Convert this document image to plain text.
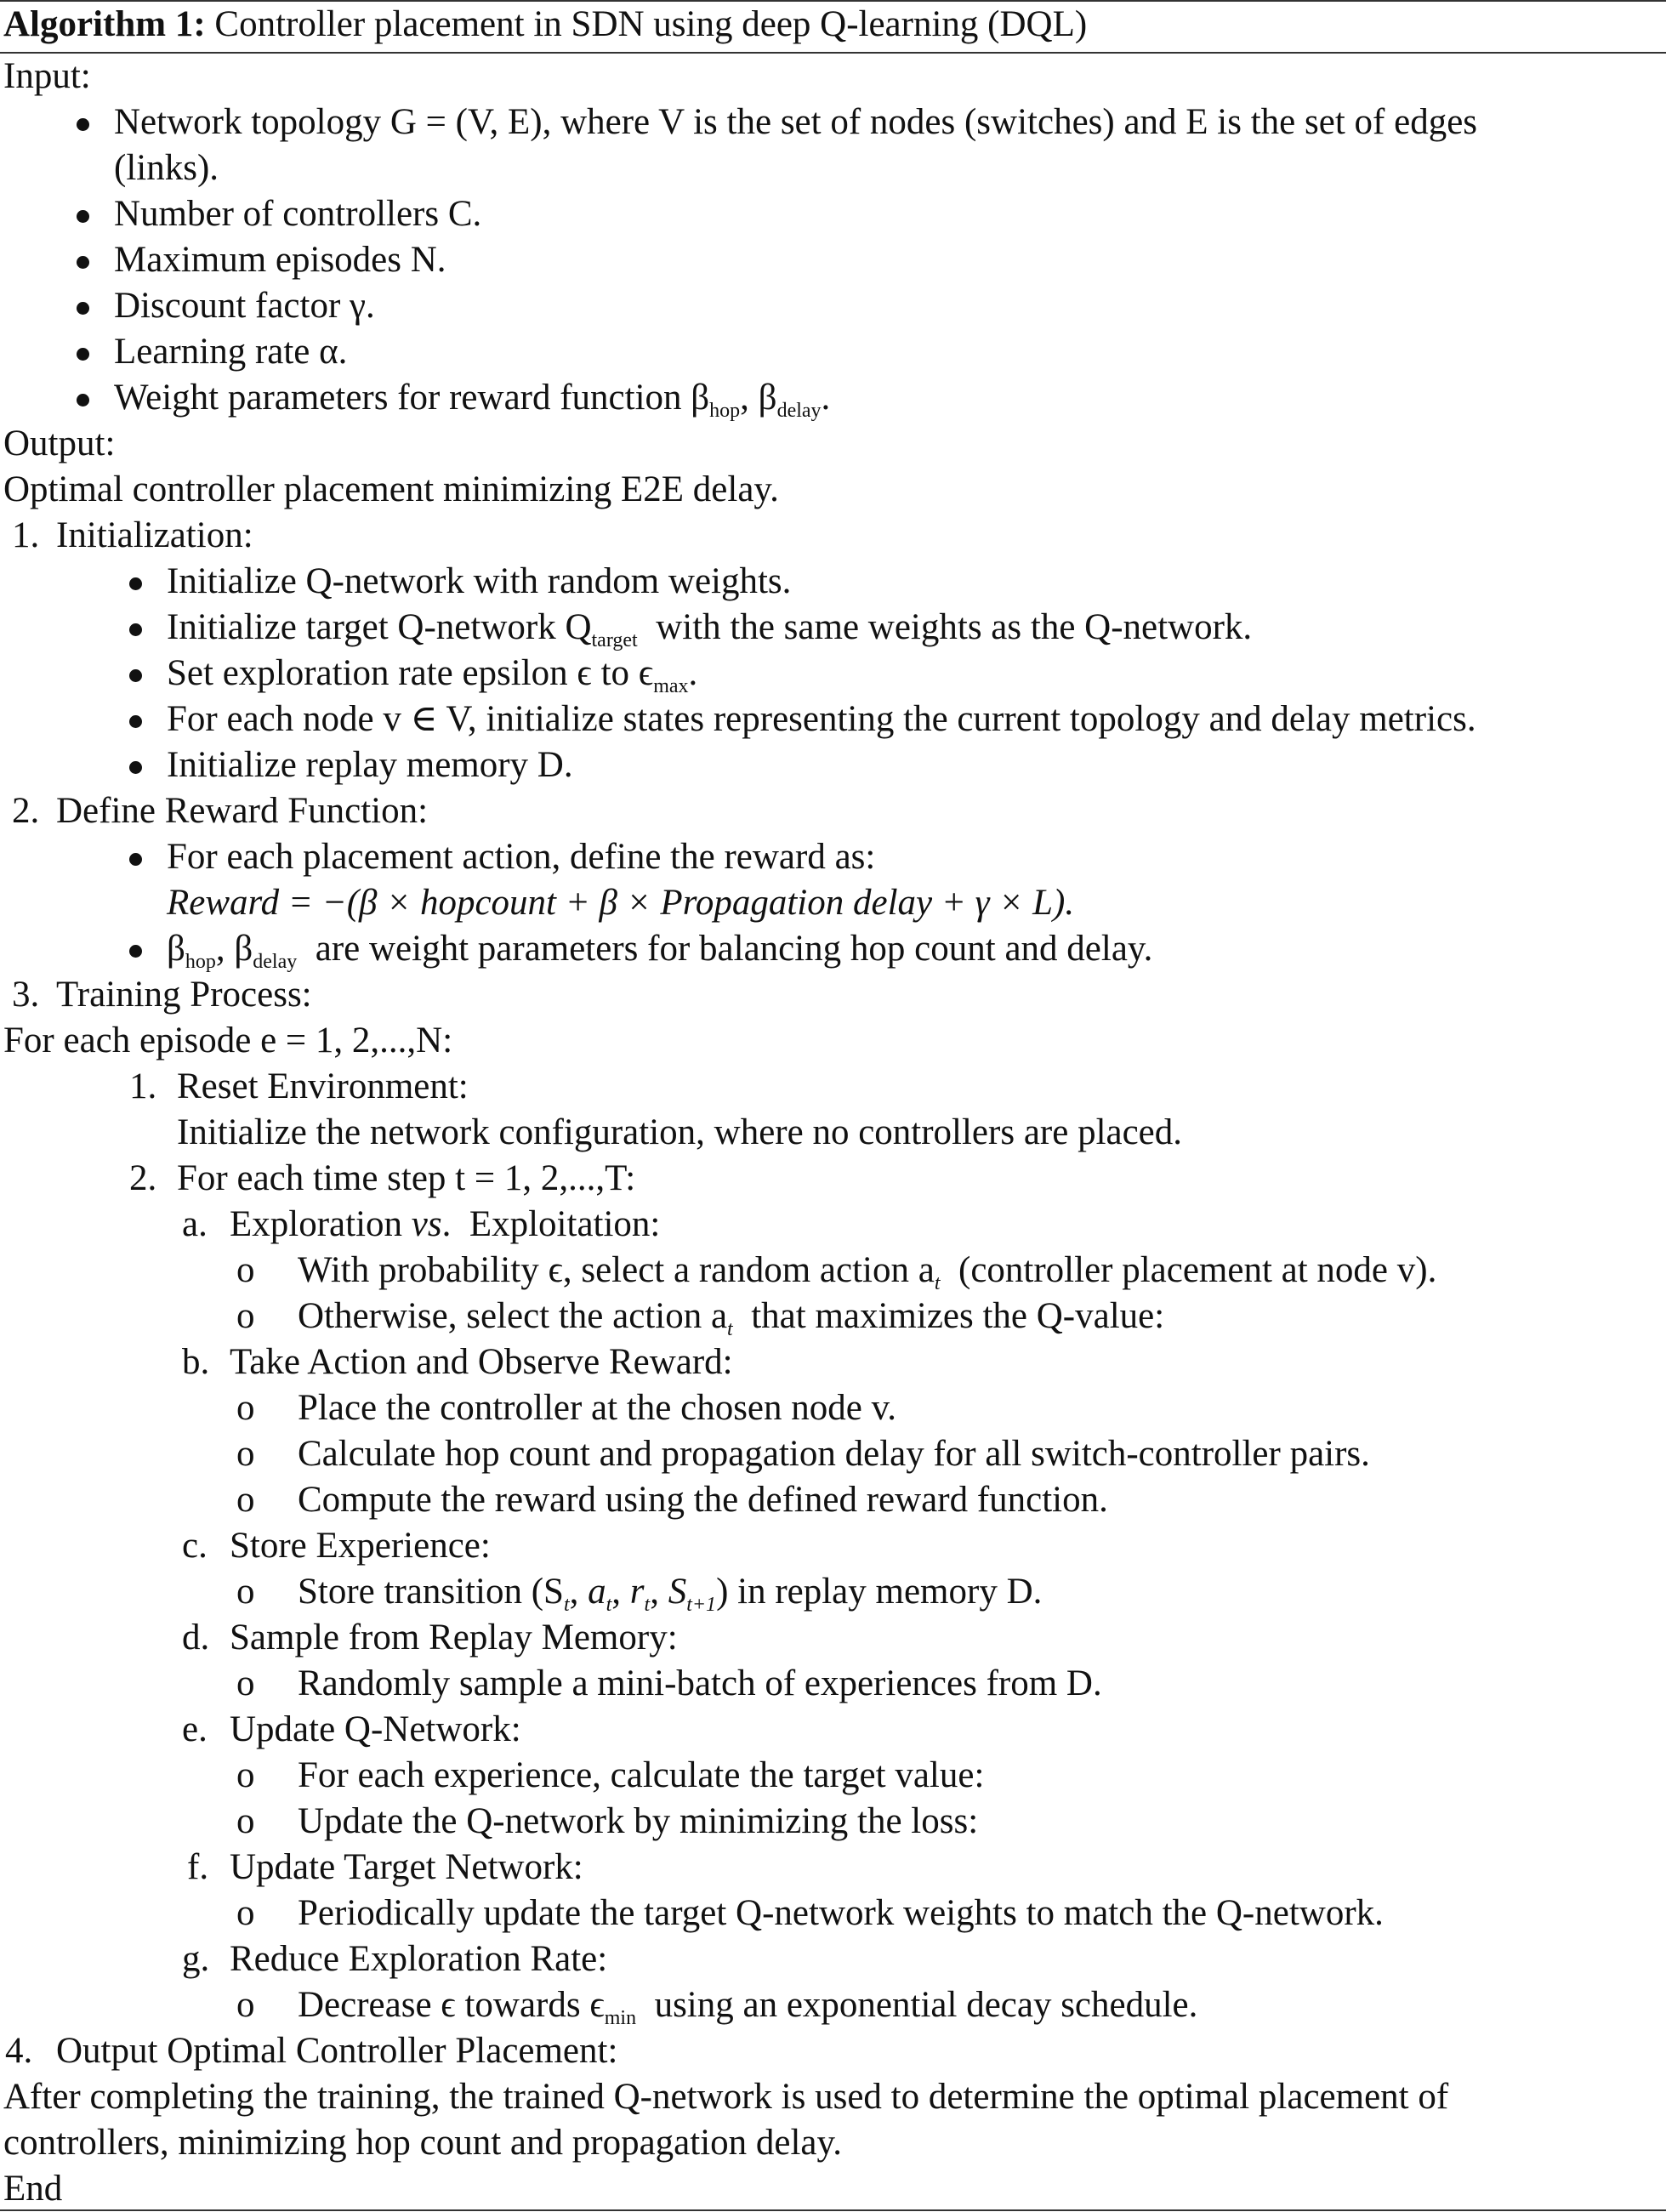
Algorithm 1: Controller placement in SDN using deep Q-learning (DQL)
Input:
Network topology G = (V, E), where V is the set of nodes (switches) and E is the set of edges
(links).
Number of controllers C.
Maximum episodes N.
Discount factor γ.
Learning rate α.
Weight parameters for reward function $\beta_{hop}$, $\beta_{delay}$.
Output:
Optimal controller placement minimizing E2E delay.
1. Initialization:
Initialize Q-network with random weights.
Initialize target Q-network $Q_{target}$ with the same weights as the Q-network.
Set exploration rate epsilon ϵ to $\epsilon_{max}$.
For each node v ∈ V, initialize states representing the current topology and delay metrics.
Initialize replay memory D.
2. Define Reward Function:
For each placement action, define the reward as:
Reward = −(β × hopcount + β × Propagation delay + γ × L).
$\beta_{hop}$, $\beta_{delay}$ are weight parameters for balancing hop count and delay.
3. Training Process:
For each episode e = 1, 2,...,N:
1. Reset Environment:
Initialize the network configuration, where no controllers are placed.
2. For each time step t = 1, 2,...,T:
a. Exploration vs.  Exploitation:
o With probability ϵ, select a random action $a_t$ (controller placement at node v).
o Otherwise, select the action $a_t$ that maximizes the Q-value:
b. Take Action and Observe Reward:
o Place the controller at the chosen node v.
o Calculate hop count and propagation delay for all switch-controller pairs.
o Compute the reward using the defined reward function.
c. Store Experience:
o Store transition ($S_t$, $a_t$, $r_t$, $S_{t+1}$) in replay memory D.
d. Sample from Replay Memory:
o Randomly sample a mini-batch of experiences from D.
e. Update Q-Network:
o For each experience, calculate the target value:
o Update the Q-network by minimizing the loss:
f. Update Target Network:
o Periodically update the target Q-network weights to match the Q-network.
g. Reduce Exploration Rate:
o Decrease ϵ towards $\epsilon_{min}$ using an exponential decay schedule.
4. Output Optimal Controller Placement:
After completing the training, the trained Q-network is used to determine the optimal placement of
controllers, minimizing hop count and propagation delay.
End
